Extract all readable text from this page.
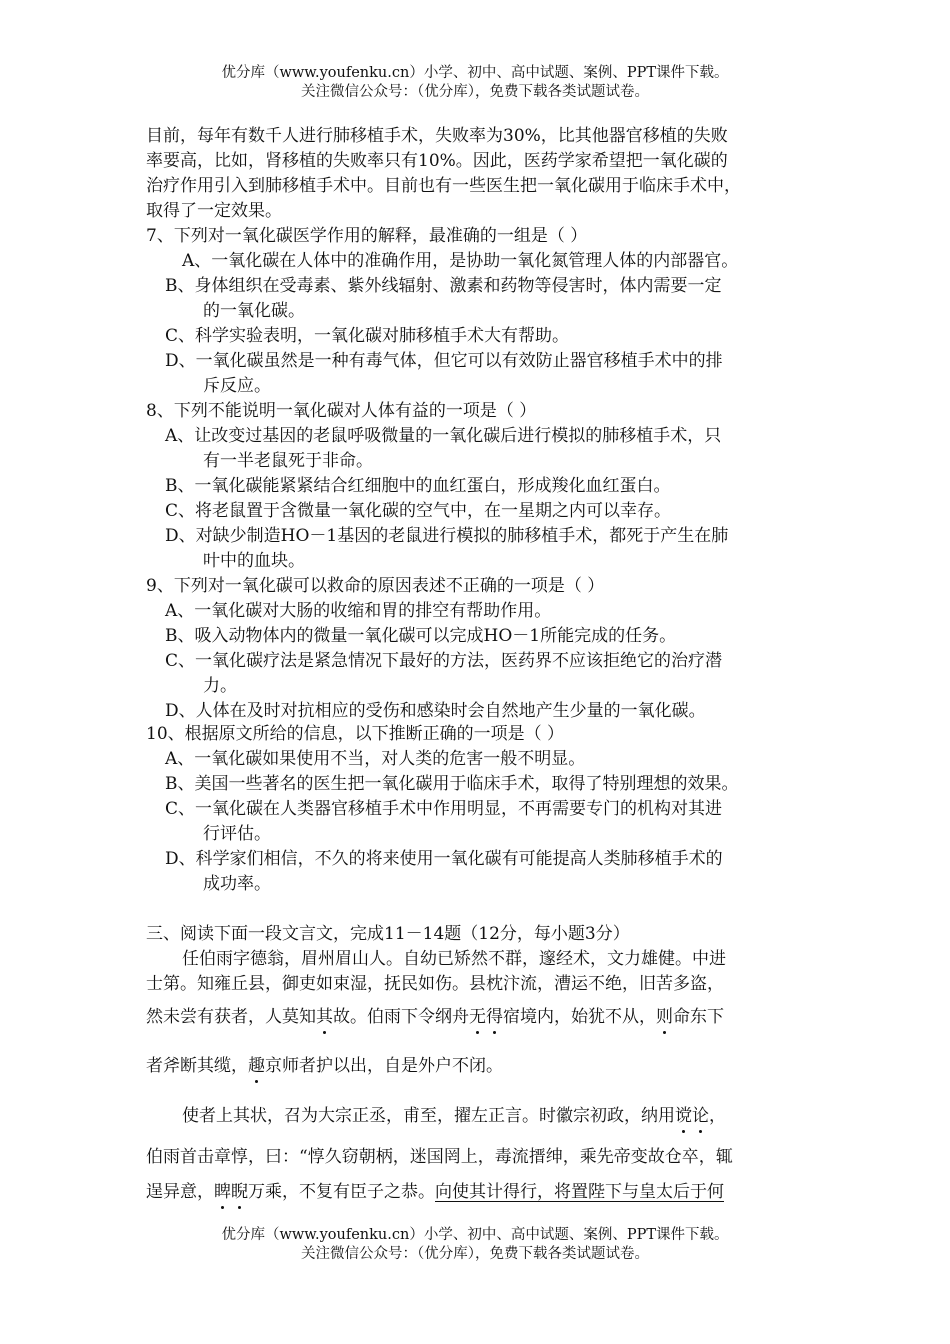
优分库（www.youfenku.cn）小学、初中、高中试题、案例、PPT课件下载。
关注微信公众号：（优分库），免费下载各类试题试卷。
目前，每年有数千人进行肺移植手术，失败率为30%，比其他器官移植的失败
率要高，比如，肾移植的失败率只有10%。因此，医药学家希望把一氧化碳的
治疗作用引入到肺移植手术中。目前也有一些医生把一氧化碳用于临床手术中，
取得了一定效果。
7、下列对一氧化碳医学作用的解释，最准确的一组是（ ）
A、一氧化碳在人体中的准确作用，是协助一氧化氮管理人体的内部器官。
B、身体组织在受毒素、紫外线辐射、激素和药物等侵害时，体内需要一定
的一氧化碳。
C、科学实验表明，一氧化碳对肺移植手术大有帮助。
D、一氧化碳虽然是一种有毒气体，但它可以有效防止器官移植手术中的排
斥反应。
8、下列不能说明一氧化碳对人体有益的一项是（ ）
A、让改变过基因的老鼠呼吸微量的一氧化碳后进行模拟的肺移植手术，只
有一半老鼠死于非命。
B、一氧化碳能紧紧结合红细胞中的血红蛋白，形成羧化血红蛋白。
C、将老鼠置于含微量一氧化碳的空气中，在一星期之内可以幸存。
D、对缺少制造HO－1基因的老鼠进行模拟的肺移植手术，都死于产生在肺
叶中的血块。
9、下列对一氧化碳可以救命的原因表述不正确的一项是（ ）
A、一氧化碳对大肠的收缩和胃的排空有帮助作用。
B、吸入动物体内的微量一氧化碳可以完成HO－1所能完成的任务。
C、一氧化碳疗法是紧急情况下最好的方法，医药界不应该拒绝它的治疗潜
力。
D、人体在及时对抗相应的受伤和感染时会自然地产生少量的一氧化碳。
10、根据原文所给的信息，以下推断正确的一项是（ ）
A、一氧化碳如果使用不当，对人类的危害一般不明显。
B、美国一些著名的医生把一氧化碳用于临床手术，取得了特别理想的效果。
C、一氧化碳在人类器官移植手术中作用明显，不再需要专门的机构对其进
行评估。
D、科学家们相信，不久的将来使用一氧化碳有可能提高人类肺移植手术的
成功率。
三、阅读下面一段文言文，完成11－14题（12分，每小题3分）
任伯雨字德翁，眉州眉山人。自幼已矫然不群，邃经术，文力雄健。中进
士第。知雍丘县，御吏如束湿，抚民如伤。县枕汴流，漕运不绝，旧苦多盗，
然未尝有获者，人莫知其故。伯雨下令纲舟无得宿境内，始犹不从，则命东下
者斧断其缆，趣京师者护以出，自是外户不闭。
使者上其状，召为大宗正丞，甫至，擢左正言。时徽宗初政，纳用谠论，
伯雨首击章惇，曰：“惇久窃朝柄，迷国罔上，毒流搢绅，乘先帝变故仓卒，辄
逞异意，睥睨万乘，不复有臣子之恭。向使其计得行，将置陛下与皇太后于何
优分库（www.youfenku.cn）小学、初中、高中试题、案例、PPT课件下载。
关注微信公众号：（优分库），免费下载各类试题试卷。
